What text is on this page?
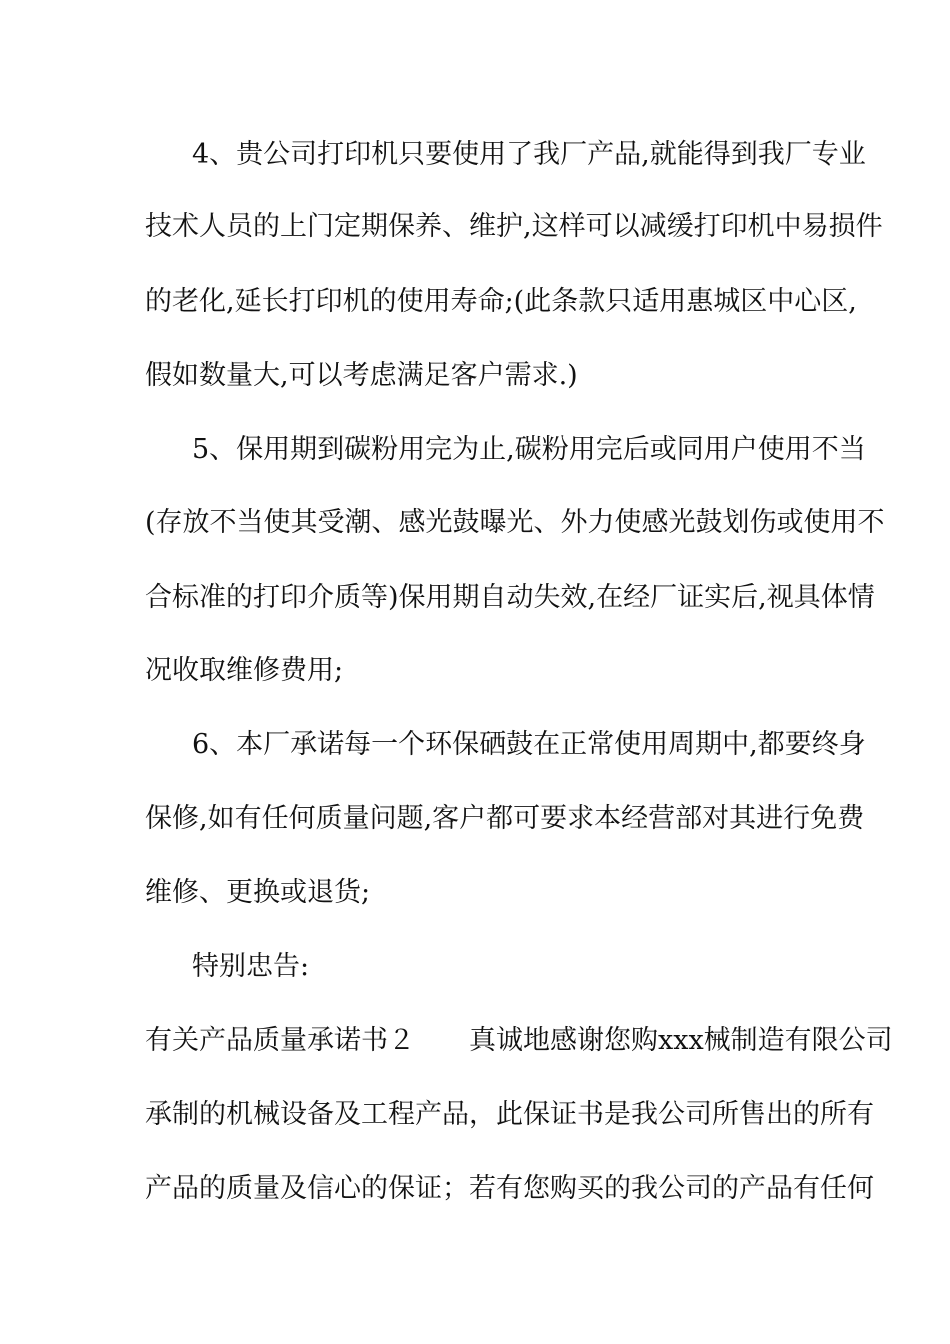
4、贵公司打印机只要使用了我厂产品,就能得到我厂专业
技术人员的上门定期保养、维护,这样可以减缓打印机中易损件
的老化,延长打印机的使用寿命;(此条款只适用惠城区中心区,
假如数量大,可以考虑满足客户需求.)
5、保用期到碳粉用完为止,碳粉用完后或同用户使用不当
(存放不当使其受潮、感光鼓曝光、外力使感光鼓划伤或使用不
合标准的打印介质等)保用期自动失效,在经厂证实后,视具体情
况收取维修费用;
6、本厂承诺每一个环保硒鼓在正常使用周期中,都要终身
保修,如有任何质量问题,客户都可要求本经营部对其进行免费
维修、更换或退货;
特别忠告:
有关产品质量承诺书２　　真诚地感谢您购xxx械制造有限公司
承制的机械设备及工程产品，此保证书是我公司所售出的所有
产品的质量及信心的保证；若有您购买的我公司的产品有任何
